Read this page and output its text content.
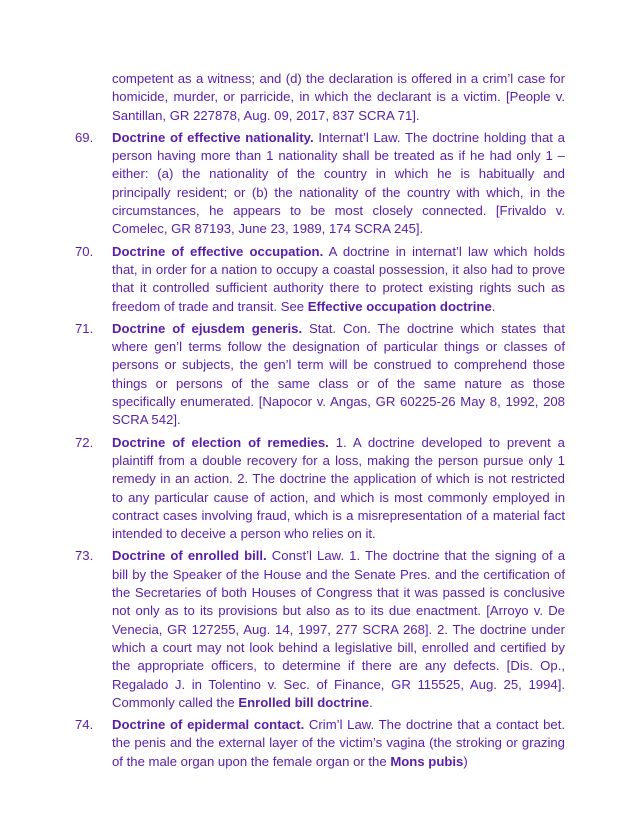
competent as a witness; and (d) the declaration is offered in a crim’l case for homicide, murder, or parricide, in which the declarant is a victim. [People v. Santillan, GR 227878, Aug. 09, 2017, 837 SCRA 71].
69.	Doctrine of effective nationality. Internat’l Law. The doctrine holding that a person having more than 1 nationality shall be treated as if he had only 1 – either: (a) the nationality of the country in which he is habitually and principally resident; or (b) the nationality of the country with which, in the circumstances, he appears to be most closely connected. [Frivaldo v. Comelec, GR 87193, June 23, 1989, 174 SCRA 245].
70.	Doctrine of effective occupation. A doctrine in internat’l law which holds that, in order for a nation to occupy a coastal possession, it also had to prove that it controlled sufficient authority there to protect existing rights such as freedom of trade and transit. See Effective occupation doctrine.
71.	Doctrine of ejusdem generis. Stat. Con. The doctrine which states that where gen’l terms follow the designation of particular things or classes of persons or subjects, the gen’l term will be construed to comprehend those things or persons of the same class or of the same nature as those specifically enumerated. [Napocor v. Angas, GR 60225-26 May 8, 1992, 208 SCRA 542].
72.	Doctrine of election of remedies. 1. A doctrine developed to prevent a plaintiff from a double recovery for a loss, making the person pursue only 1 remedy in an action. 2. The doctrine the application of which is not restricted to any particular cause of action, and which is most commonly employed in contract cases involving fraud, which is a misrepresentation of a material fact intended to deceive a person who relies on it.
73.	Doctrine of enrolled bill. Const’l Law. 1. The doctrine that the signing of a bill by the Speaker of the House and the Senate Pres. and the certification of the Secretaries of both Houses of Congress that it was passed is conclusive not only as to its provisions but also as to its due enactment. [Arroyo v. De Venecia, GR 127255, Aug. 14, 1997, 277 SCRA 268]. 2. The doctrine under which a court may not look behind a legislative bill, enrolled and certified by the appropriate officers, to determine if there are any defects. [Dis. Op., Regalado J. in Tolentino v. Sec. of Finance, GR 115525, Aug. 25, 1994]. Commonly called the Enrolled bill doctrine.
74.	Doctrine of epidermal contact. Crim’l Law. The doctrine that a contact bet. the penis and the external layer of the victim’s vagina (the stroking or grazing of the male organ upon the female organ or the Mons pubis)
